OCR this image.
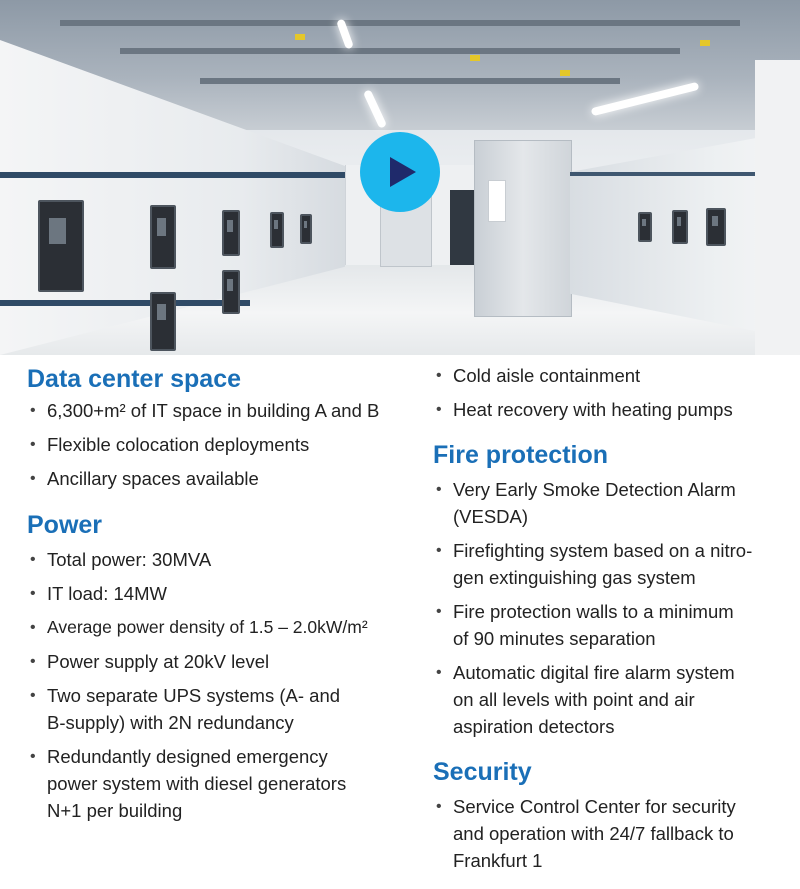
Data center space
• 6,300+m² of IT space in building A and B
• Flexible colocation deployments
• Ancillary spaces available
Power
• Total power: 30MVA
• IT load: 14MW
• Average power density of 1.5 – 2.0kW/m²
• Power supply at 20kV level
• Two separate UPS systems (A- and
B-supply) with 2N redundancy
• Redundantly designed emergency
power system with diesel generators
N+1 per building
• Cold aisle containment
• Heat recovery with heating pumps
Fire protection
• Very Early Smoke Detection Alarm
(VESDA)
• Firefighting system based on a nitro-
gen extinguishing gas system
• Fire protection walls to a minimum
of 90 minutes separation
• Automatic digital fire alarm system
on all levels with point and air
aspiration detectors
Security
• Service Control Center for security
and operation with 24/7 fallback to
Frankfurt 1
